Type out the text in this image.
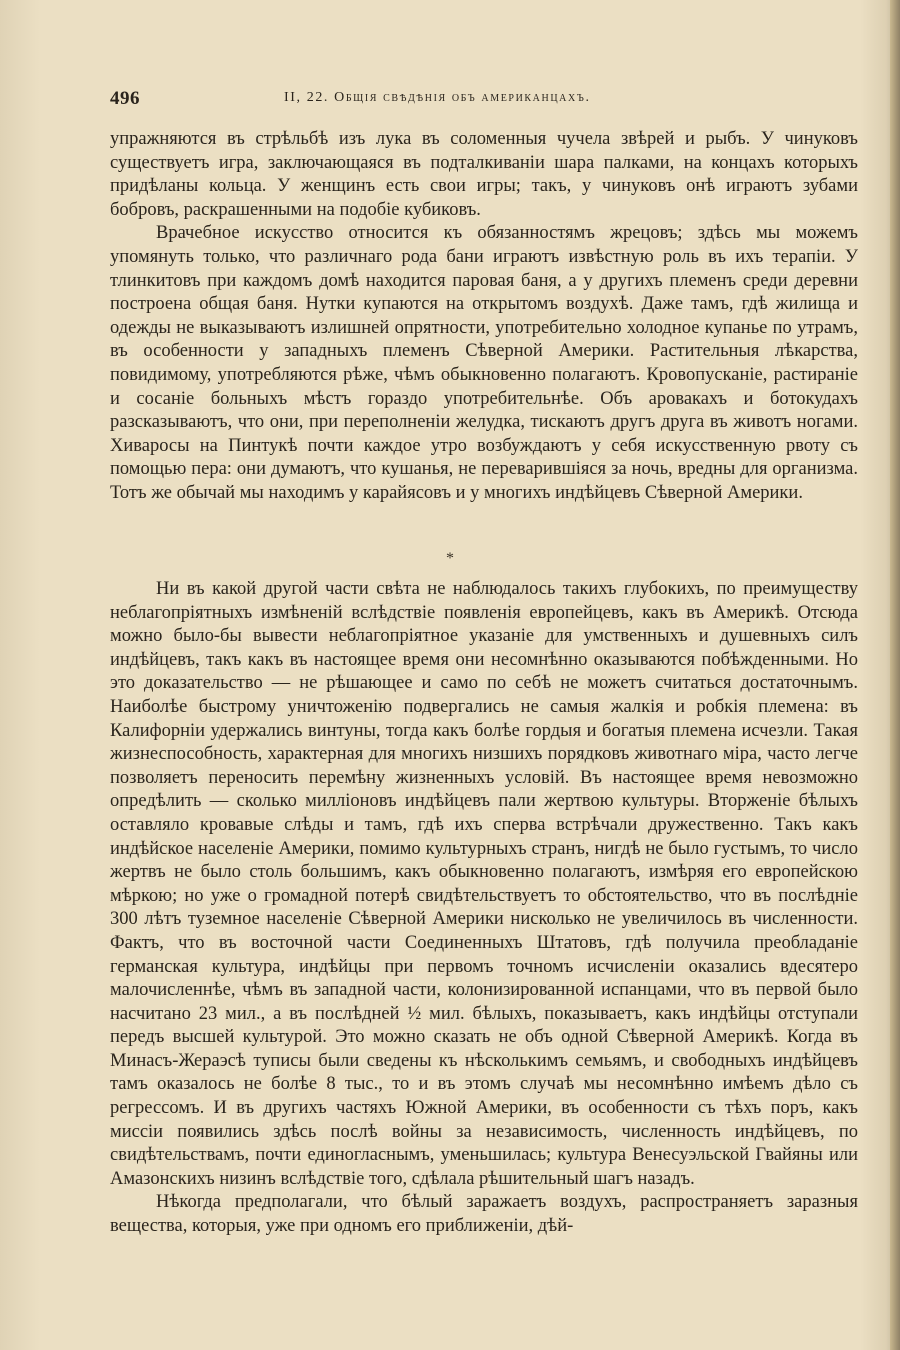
496	II, 22. Общія свѣдѣнія объ американцахъ.

упражняются въ стрѣльбѣ изъ лука въ соломенныя чучела звѣрей и рыбъ. У чинуковъ существуетъ игра, заключающаяся въ подталкиваніи шара палками, на концахъ которыхъ придѣланы кольца. У женщинъ есть свои игры; такъ, у чинуковъ онѣ играютъ зубами бобровъ, раскрашенными на подобіе кубиковъ.

Врачебное искусство относится къ обязанностямъ жрецовъ; здѣсь мы можемъ упомянуть только, что различнаго рода бани играютъ извѣстную роль въ ихъ терапіи. У тлинкитовъ при каждомъ домѣ находится паровая баня, а у другихъ племенъ среди деревни построена общая баня. Нутки купаются на открытомъ воздухѣ. Даже тамъ, гдѣ жилища и одежды не выказываютъ излишней опрятности, употребительно холодное купанье по утрамъ, въ особенности у западныхъ племенъ Сѣверной Америки. Растительныя лѣкарства, повидимому, употребляются рѣже, чѣмъ обыкновенно полагаютъ. Кровопусканіе, растираніе и сосаніе больныхъ мѣстъ гораздо употребительнѣе. Объ аровакахъ и ботокудахъ разсказываютъ, что они, при переполненіи желудка, тискаютъ другъ друга въ животъ ногами. Хиваросы на Пинтукѣ почти каждое утро возбуждаютъ у себя искусственную рвоту съ помощью пера: они думаютъ, что кушанья, не переварившіяся за ночь, вредны для организма. Тотъ же обычай мы находимъ у карайясовъ и у многихъ индѣйцевъ Сѣверной Америки.

*

Ни въ какой другой части свѣта не наблюдалось такихъ глубокихъ, по преимуществу неблагопріятныхъ измѣненій вслѣдствіе появленія европейцевъ, какъ въ Америкѣ. Отсюда можно было-бы вывести неблагопріятное указаніе для умственныхъ и душевныхъ силъ индѣйцевъ, такъ какъ въ настоящее время они несомнѣнно оказываются побѣжденными. Но это доказательство — не рѣшающее и само по себѣ не можетъ считаться достаточнымъ. Наиболѣе быстрому уничтоженію подвергались не самыя жалкія и робкія племена: въ Калифорніи удержались винтуны, тогда какъ болѣе гордыя и богатыя племена исчезли. Такая жизнеспособность, характерная для многихъ низшихъ порядковъ животнаго міра, часто легче позволяетъ переносить перемѣну жизненныхъ условій. Въ настоящее время невозможно опредѣлить — сколько милліоновъ индѣйцевъ пали жертвою культуры. Вторженіе бѣлыхъ оставляло кровавые слѣды и тамъ, гдѣ ихъ сперва встрѣчали дружественно. Такъ какъ индѣйское населеніе Америки, помимо культурныхъ странъ, нигдѣ не было густымъ, то число жертвъ не было столь большимъ, какъ обыкновенно полагаютъ, измѣряя его европейскою мѣркою; но уже о громадной потерѣ свидѣтельствуетъ то обстоятельство, что въ послѣдніе 300 лѣтъ туземное населеніе Сѣверной Америки нисколько не увеличилось въ численности. Фактъ, что въ восточной части Соединенныхъ Штатовъ, гдѣ получила преобладаніе германская культура, индѣйцы при первомъ точномъ исчисленіи оказались вдесятеро малочисленнѣе, чѣмъ въ западной части, колонизированной испанцами, что въ первой было насчитано 23 мил., а въ послѣдней ½ мил. бѣлыхъ, показываетъ, какъ индѣйцы отступали передъ высшей культурой. Это можно сказать не объ одной Сѣверной Америкѣ. Когда въ Минасъ-Жераэсѣ туписы были сведены къ нѣсколькимъ семьямъ, и свободныхъ индѣйцевъ тамъ оказалось не болѣе 8 тыс., то и въ этомъ случаѣ мы несомнѣнно имѣемъ дѣло съ регрессомъ. И въ другихъ частяхъ Южной Америки, въ особенности съ тѣхъ поръ, какъ миссіи появились здѣсь послѣ войны за независимость, численность индѣйцевъ, по свидѣтельствамъ, почти единогласнымъ, уменьшилась; культура Венесуэльской Гвайяны или Амазонскихъ низинъ вслѣдствіе того, сдѣлала рѣшительный шагъ назадъ.

Нѣкогда предполагали, что бѣлый заражаетъ воздухъ, распространяетъ заразныя вещества, которыя, уже при одномъ его приближеніи, дѣй-
